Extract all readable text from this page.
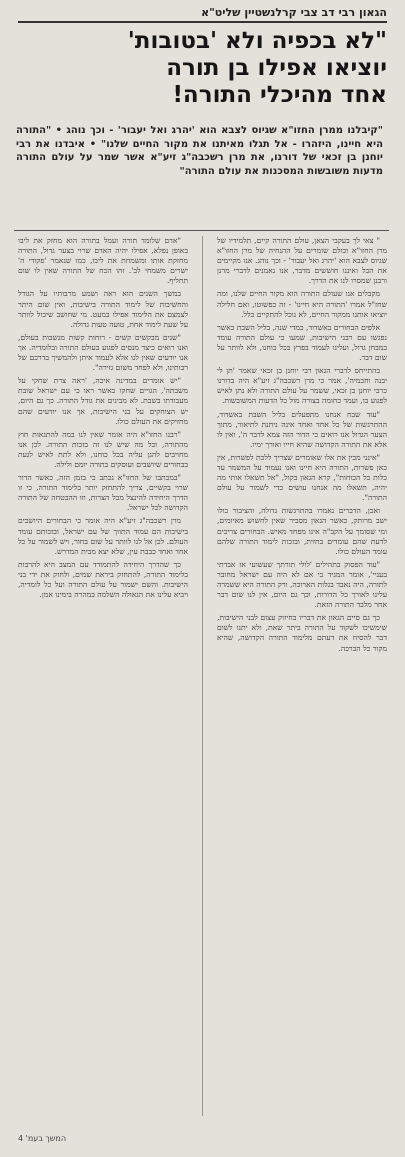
הגאון רבי דב צבי קרלנשטיין שליט"א
"לא בכפיה ולא 'בטובות'
יוציאו אפילו בן תורה
אחד מהיכלי התורה!
"קיבלנו ממרן החזו"א שגיוס לצבא הוא 'יהרג ואל יעבור' - וכך נוהג • "התורה היא חיינו, היזהרו - אל תגלו מאיתנו את מקור החיים שלנו" • איבדנו את רבי יוחנן בן זכאי של דורנו, את מרן רשכבה"ג זיע"א אשר שמר על עולם התורה מדעות משובשות המסכנות את עולם התורה"

" צאי לך בעקבי הצאן, עולם התורה קיים, תלמידיו של מרן החזו"א וכולם שומרים על ההנחיה של מרן החזו"א שגיוס לצבא הוא 'יהרג ואל יעבור' - וכך נוהג. אנו מקיימים את הכל ואיננו חוששים מדבר, אנו נאמנים לדברי מרנן ורבנן שמסרו לנו את הדרך.

מקבלים אנו שעולם התורה הוא מקור החיים שלנו, ומה שחז"ל אמרו 'התורה היא חיינו' - זה כפשוטו, ואם חלילה יוציאו אותנו ממקור החיים, לא נוכל להתקיים כלל.

אלפים הבחורים באשדוד, כמדי שנה, בליל השבת כאשר נפגשו עם רבני הישיבות, שמעו כי עולם התורה עומד במבחן גדול, ועלינו לעמוד בפרץ בכל כוחנו, ולא לוותר על שום דבר.

בהתייחס לדברי הגאון רבי יוחנן בן זכאי שאמר 'תן לי יבנה וחכמיה', אמר כי מרן רשכבה"ג זיע"א היה בדורנו כרבי יוחנן בן זכאי, ששמר על עולם התורה ולא נתן לאיש לפגוע בו, ועמד כחומה בצורה מול כל הדעות המשובשות.

"עוד שבח אנחנו מתפעלים בליל השבת באשדוד, ההתרגשות של כל אחד ואחד אינה ניתנת לתיאור, מתוך הצער הגדול אנו רואים כי הדור הזה צמא לדבר ה', ואין לו אלא את התורה הקדושה שהיא חייו ואורך ימיו.

"אינני מבין את אלו שאומרים שצריך ללכת לפשרות, אין כאן פשרות, התורה היא חיינו ואנו נעמוד על המשמר עד כלות כל הכוחות", קרא הגאון בקול, "אל תשאלו אותי מה יהיה, תשאלו מה אנחנו עושים כדי לשמור על עולם התורה".

ואכן, הדברים נאמרו בהתרגשות גדולה, והציבור כולו ישב מרותק, כאשר הגאון מסביר שאין לחשוש מאיומים, ומי שסומך על הקב"ה אינו מפחד מאיש. הבחורים צריכים לדעת שהם עומדים בחזית, ובזכות לימוד התורה שלהם עומד העולם כולו.

"עוד הפסוק בתהילים 'לולי תורתך שעשועי אז אבדתי בעניי', אומר המגיד כי אם לא היה עם ישראל מחובר לתורה, היה נאבד בגלות הארוכה, ורק התורה היא ששמרה עלינו לאורך כל הדורות, וכך גם היום, אין לנו שום דבר אחר מלבד התורה הזאת.

כך גם סיים הגאון את דבריו בחיזוק עצום לבני הישיבות, שימשיכו לשקוד על התורה ביתר שאת, ולא יתנו לשום דבר להסיח את דעתם מלימוד התורה הקדושה, שהיא מקור כל הברכה.

"אדם שלומד תורה ועמל בתורה הוא מחזק את ליבו באופן נפלא, אפילו יהיה האדם שרוי בצער גדול, התורה מחזקת אותו ומשמחת את ליבו, כמו שנאמר 'פקודי ה' ישרים משמחי לב'. זהו הכח של התורה שאין לו שום תחליף.

במשך השנים הוא ראה ושמע מרבותיו על הגודל והחשיבות של לימוד התורה בישיבות, ואין שום היתר לצמצם את הלימוד אפילו במעט. מי שחושב שיכול לוותר על שעת לימוד אחת, טועה טעות גדולה.

"שנים מבקשים קשים - רוחות קשות מנשבות בעולם, ואנו רואים כיצד מנסים לפגוע בעולם התורה ובלומדיה. אך אנו יודעים שאין לנו אלא לעמוד איתן ולהמשיך בדרכם של רבותינו, ולא לפחד משום גזירה".

"יש אומרים במדינה איכה, 'ראה צרת שחקי על משבתה', הגויים שחקו כאשר ראו כי עם ישראל שובת מעבודתו בשבת. לא מבינים את גודל התורה. כך גם היום, יש הצוחקים על בני הישיבות, אך אנו יודעים שהם מחזיקים את העולם כולו.

"רבנו החזו"א היה אומר שאין לנו במה להתגאות חוץ מהתורה, וכל מה שיש לנו זה בזכות התורה. לכן אנו מחויבים להגן עליה בכל כוחנו, ולא לתת לאיש לגעת בבחורים שיושבים ועוסקים בתורה יומם ולילה.

"במכתבו של החזו"א נכתב כי בזמן הזה, כאשר הדור שרוי בקשיים, צריך להתחזק יותר בלימוד התורה, כי זו הדרך היחידה להינצל מכל הצרות, וזו ההבטחה של התורה הקדושה לכל ישראל.

מרן רשכבה"ג זיע"א היה אומר כי הבחורים היושבים בישיבות הם עמוד התווך של עם ישראל, ובזכותם עומד העולם. לכן אל לנו לוותר על שום בחור, ויש לשמור על כל אחד ואחד כבבת עין, שלא יצא מבית המדרש.

כך שהדרך היחידה להתמודד עם המצב היא להרבות בלימוד התורה, להתחזק ביראת שמים, ולחזק את ידי בני הישיבות. והשם ישמור על עולם התורה ועל כל לומדיה, ויביא עלינו את הגאולה השלמה במהרה בימינו אמן.

המשך בעמ' 4
